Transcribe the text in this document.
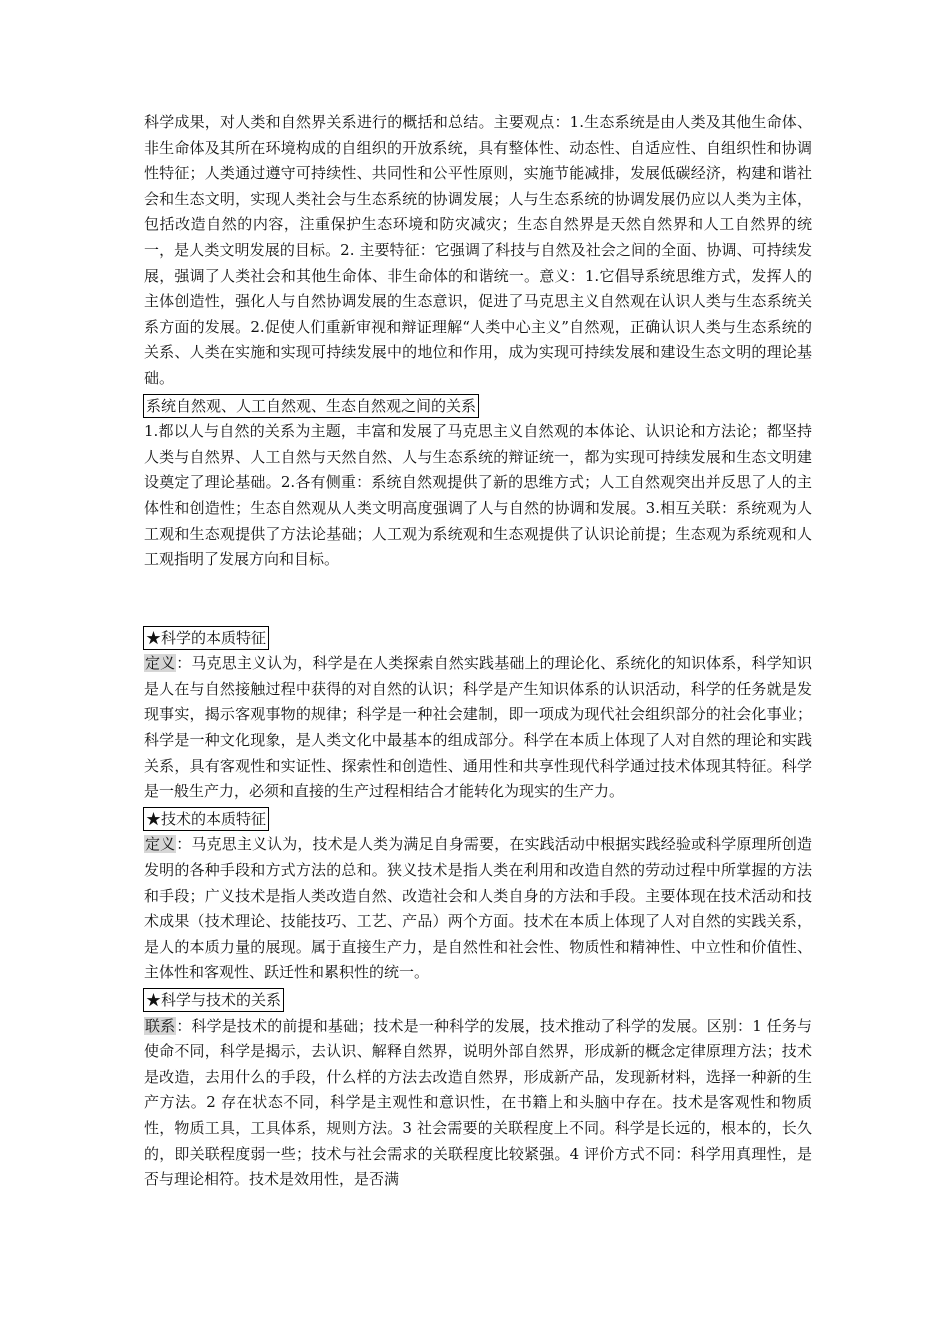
科学成果，对人类和自然界关系进行的概括和总结。主要观点：1.生态系统是由人类及其他生命体、非生命体及其所在环境构成的自组织的开放系统，具有整体性、动态性、自适应性、自组织性和协调性特征；人类通过遵守可持续性、共同性和公平性原则，实施节能减排，发展低碳经济，构建和谐社会和生态文明，实现人类社会与生态系统的协调发展；人与生态系统的协调发展仍应以人类为主体，包括改造自然的内容，注重保护生态环境和防灾减灾；生态自然界是天然自然界和人工自然界的统一，是人类文明发展的目标。2. 主要特征：它强调了科技与自然及社会之间的全面、协调、可持续发展，强调了人类社会和其他生命体、非生命体的和谐统一。意义：1.它倡导系统思维方式，发挥人的主体创造性，强化人与自然协调发展的生态意识，促进了马克思主义自然观在认识人类与生态系统关系方面的发展。2.促使人们重新审视和辩证理解“人类中心主义”自然观，正确认识人类与生态系统的关系、人类在实施和实现可持续发展中的地位和作用，成为实现可持续发展和建设生态文明的理论基础。

系统自然观、人工自然观、生态自然观之间的关系

1.都以人与自然的关系为主题，丰富和发展了马克思主义自然观的本体论、认识论和方法论；都坚持人类与自然界、人工自然与天然自然、人与生态系统的辩证统一，都为实现可持续发展和生态文明建设奠定了理论基础。2.各有侧重：系统自然观提供了新的思维方式；人工自然观突出并反思了人的主体性和创造性；生态自然观从人类文明高度强调了人与自然的协调和发展。3.相互关联：系统观为人工观和生态观提供了方法论基础；人工观为系统观和生态观提供了认识论前提；生态观为系统观和人工观指明了发展方向和目标。

★科学的本质特征

定义：马克思主义认为，科学是在人类探索自然实践基础上的理论化、系统化的知识体系，科学知识是人在与自然接触过程中获得的对自然的认识；科学是产生知识体系的认识活动，科学的任务就是发现事实，揭示客观事物的规律；科学是一种社会建制，即一项成为现代社会组织部分的社会化事业；科学是一种文化现象，是人类文化中最基本的组成部分。科学在本质上体现了人对自然的理论和实践关系，具有客观性和实证性、探索性和创造性、通用性和共享性现代科学通过技术体现其特征。科学是一般生产力，必须和直接的生产过程相结合才能转化为现实的生产力。

★技术的本质特征

定义：马克思主义认为，技术是人类为满足自身需要，在实践活动中根据实践经验或科学原理所创造发明的各种手段和方式方法的总和。狭义技术是指人类在利用和改造自然的劳动过程中所掌握的方法和手段；广义技术是指人类改造自然、改造社会和人类自身的方法和手段。主要体现在技术活动和技术成果（技术理论、技能技巧、工艺、产品）两个方面。技术在本质上体现了人对自然的实践关系，是人的本质力量的展现。属于直接生产力，是自然性和社会性、物质性和精神性、中立性和价值性、主体性和客观性、跃迁性和累积性的统一。

★科学与技术的关系

联系：科学是技术的前提和基础；技术是一种科学的发展，技术推动了科学的发展。区别：1 任务与使命不同，科学是揭示，去认识、解释自然界，说明外部自然界，形成新的概念定律原理方法；技术是改造，去用什么的手段，什么样的方法去改造自然界，形成新产品，发现新材料，选择一种新的生产方法。2 存在状态不同，科学是主观性和意识性，在书籍上和头脑中存在。技术是客观性和物质性，物质工具，工具体系，规则方法。3 社会需要的关联程度上不同。科学是长远的，根本的，长久的，即关联程度弱一些；技术与社会需求的关联程度比较紧强。4 评价方式不同：科学用真理性，是否与理论相符。技术是效用性，是否满
